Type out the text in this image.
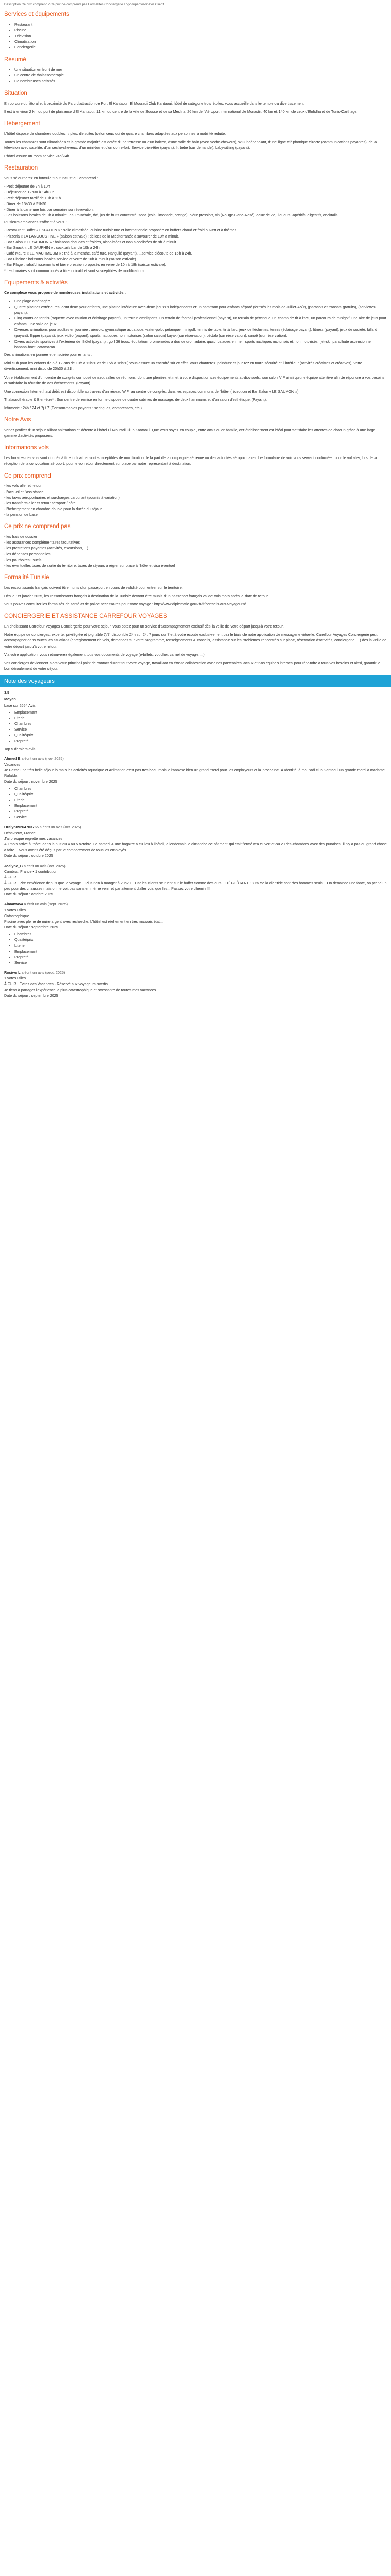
Description Ce prix comprend / Ce prix ne comprend pas Formalités Conciergerie Logo tripadvisor Avis Client
Services et équipements
• Restaurant
• Piscine
• Télévision
• Climatisation
• Conciergerie
Résumé
• Une situation en front de mer
• Un centre de thalassothérapie
• De nombreuses activités
Situation

En bordure du littoral et à proximité du Parc d'attraction de Port El Kantaoui, El Mouradi Club Kantaoui, hôtel de catégorie trois étoiles, vous accueille dans le temple du divertissement.

Il est à environ 2 km du port de plaisance d'El Kantaoui, 11 km du centre de la ville de Sousse et de sa Médina, 26 km de l'Aéroport International de Monastir, 40 km et 140 km de ceux d'Enfidha et de Tunis-Carthage.

Hébergement

L'hôtel dispose de chambres doubles, triples, de suites (selon ceux qui de quatre chambres adaptées aux personnes à mobilité réduite.

Toutes les chambres sont climatisées et la grande majorité est dotée d'une terrasse ou d'un balcon, d'une salle de bain (avec sèche-cheveux), WC indépendant, d'une ligne téléphonique directe (communications payantes), de la télévision avec satellite, d'un sèche-cheveux, d'un mini-bar et d'un coffre-fort. Service bien-être (payant), lit bébé (sur demande), baby-sitting (payant).

L'hôtel assure un room service 24h/24h.

Restauration

Vous séjournerez en formule "Tout inclus" qui comprend :

- Petit déjeuner de 7h à 10h
- Déjeuner de 12h30 à 14h30*
- Petit déjeuner tardif de 10h à 11h
- Dîner de 18h30 à 21h30
- Dîner à la carte une fois par semaine sur réservation.
- Les boissons locales de 9h à minuit* : eau minérale, thé, jus de fruits concentré, soda (cola, limonade, orange), bière pression, vin (Rouge-Blanc-Rosé), eaux de vie, liqueurs, apéritifs, digestifs, cocktails.

Plusieurs ambiances s'offrent à vous :

- Restaurant Buffet « ESPADON » : salle climatisée, cuisine tunisienne et internationale proposée en buffets chaud et froid ouvert et à thèmes.
- Pizzeria « LA LANGOUSTINE » (saison estivale) : délices de la Méditerranée à savourer de 10h à minuit.
- Bar Salon « LE SAUMON » : boissons chaudes et froides, alcoolisées et non alcoolisées de 9h à minuit.
- Bar Snack « LE DAUPHIN » : cocktails bar de 10h à 24h.
- Café Maure « LE MACHMOUM » : thé à la menthe, café turc, Narguilé (payant), ...service d'écoute de 15h à 24h.
- Bar Piscine : boissons locales service et verre de 10h à minuit (saison estivale).
- Bar Plage : rafraîchissements et bière pression proposés en verre de 10h à 18h (saison estivale).
* Les horaires sont communiqués à titre indicatif et sont susceptibles de modifications.
Equipements & activités

Ce complexe vous propose de nombreuses installations et activités :

• Une plage aménagée.
• Quatre piscines extérieures, dont deux pour enfants, une piscine intérieure avec deux jacuzzis indépendants et un hammam pour enfants séparé (fermés les mois de Juillet-Août), (parasols et transats gratuits), (serviettes payant).
• Cinq courts de tennis (raquette avec caution et éclairage payant), un terrain omnisports, un terrain de football professionnel (payant), un terrain de pétanque, un champ de tir à l'arc, un parcours de minigolf, une aire de jeux pour enfants, une salle de jeux.
• Diverses animations pour adultes en journée : aérobic, gymnastique aquatique, water-polo, pétanque, minigolf, tennis de table, tir à l'arc, jeux de fléchettes, tennis (éclairage payant), fitness (payant), jeux de société, billard (payant), flipper (payant), jeux vidéo (payant), sports nautiques non motorisés (selon saison) kayak (sur réservation), pédalo (sur réservation), canoë (sur réservation).
• Divers activités sportives à l'extérieur de l'hôtel (payant) : golf 36 trous, équitation, promenades à dos de dromadaire, quad, balades en mer, sports nautiques motorisés et non motorisés : jet-ski, parachute ascensionnel, banana-boat, catamaran.

Des animations en journée et en soirée pour enfants :

Mini club pour les enfants de 5 à 12 ans de 10h à 12h30 et de 15h à 16h30) vous assure un encadré sûr et effet. Vous chanterez, peindrez et jouerez en toute sécurité et il intérieur (activités créatives et créatives), Votre divertissement, mini disco de 20h30 à 21h.

Votre établissement d'un centre de congrès composé de sept salles de réunions, dont une plénière, et met à votre disposition ses équipements audiovisuels, son salon VIP ainsi qu'une équipe attentive afin de répondre à vos besoins et satisfaire la réussite de vos événements. (Payant).

Une connexion Internet haut débit est disponible au travers d'un réseau WiFi au centre de congrès, dans les espaces communs de l'hôtel (réception et Bar Salon « LE SAUMON »).

Thalassothérapie & Bien-être* : Son centre de remise en forme dispose de quatre cabines de massage, de deux hammams et d'un salon d'esthétique. (Payant).

Infirmerie : 24h / 24 et 7j / 7 (Consommables payants : seringues, compresses, etc.).

Notre Avis

Venez profiter d'un séjour alliant animations et détente à l'hôtel El Mouradi Club Kantaoui. Que vous soyez en couple, entre amis ou en famille, cet établissement est idéal pour satisfaire les attentes de chacun grâce à une large gamme d'activités proposées.

Informations vols

Les horaires des vols sont donnés à titre indicatif et sont susceptibles de modification de la part de la compagnie aérienne ou des autorités aéroportuaires. Le formulaire de voir vous servant confirmée : pour le vol aller, lors de la réception de la convocation aéroport, pour le vol retour directement sur place par notre représentant à destination.

Ce prix comprend
- les vols aller et retour
- l'accueil et l'assistance
- les taxes aéroportuaires et surcharges carburant (soumis à variation)
- les transferts aller et retour aéroport / hôtel
- l'hébergement en chambre double pour la durée du séjour
- la pension de base
Ce prix ne comprend pas
- les frais de dossier
- les assurances complémentaires facultatives
- les prestations payantes (activités, excursions, ...)
- les dépenses personnelles
- les pourboires usuels
- les éventuelles taxes de sortie du territoire, taxes de séjours à régler sur place à l'hôtel et visa éventuel
Formalité Tunisie

Les ressortissants français doivent être munis d'un passeport en cours de validité pour entrer sur le territoire.

Dès le 1er janvier 2025, les ressortissants français à destination de la Tunisie devront être munis d'un passeport français valide trois mois après la date de retour.

Vous pouvez consulter les formalités de santé et de police nécessaires pour votre voyage : http://www.diplomatie.gouv.fr/fr/conseils-aux-voyageurs/

CONCIERGERIE ET ASSISTANCE CARREFOUR VOYAGES

En choisissant Carrefour Voyages Conciergerie pour votre séjour, vous optez pour un service d'accompagnement exclusif dès la veille de votre départ jusqu'à votre retour.

Notre équipe de concierges, experte, privilégiée et joignable 7j/7, disponible 24h sur 24, 7 jours sur 7 et à votre écoute exclusivement par le biais de notre application de messagerie virtuelle. Carrefour Voyages Conciergerie peut accompagner dans toutes les situations (enregistrement de vols, demandes sur votre programme, renseignements & conseils, assistance sur les problèmes rencontrés sur place, réservation d'activités, conciergerie, ...) dès la veille de votre départ jusqu'à votre retour.

Via votre application, vous retrouverez également tous vos documents de voyage (e-billets, voucher, carnet de voyage, ...).

Vos concierges deviennent alors votre principal point de contact durant tout votre voyage, travaillant en étroite collaboration avec nos partenaires locaux et nos équipes internes pour répondre à tous vos besoins et ainsi, garantir le bon déroulement de votre séjour.

Note des voyageurs
3.5
Moyen
basé sur 2654 Avis
• Emplacement
• Literie
• Chambres
• Service
• Qualité/prix
• Propreté
Top 5 derniers avis
Ahmed B a écrit un avis (nov. 2025)
Vacances
Je Passe une très belle séjour lo mais les activités aquatique et Animation c'est pas très beau mais je l'annexe bien un grand merci pour les employeurs et la prochaine. À Identité, à mouradi club Kantaoui un grande merci à madame Rafaïda
Date du séjour : novembre 2025
• Chambres
• Qualité/prix
• Literie
• Emplacement
• Propreté
• Service
Oralyn09264703765 a écrit un avis (oct. 2025)
Désavreux, France
J'ai presque regretté mes vacances
Au mois arrivé à l'hôtel dans la nuit du 4 au 5 octobre. Le samedi 4 une bagarre a eu lieu à l'hôtel, la lendemain le dimanche ce bâtiment qui était fermé m'a ouvert et au vu des chambres avec des punaises, il n'y a pas eu grand chose à faire... Nous avons été déçus par le comportement de tous les employés...
Date du séjour : octobre 2025
Joëlyne_B a écrit un avis (oct. 2025)
Cambrai, France • 1 contribution
À FUIR !!!
À FUIR ! Pire expérience depuis que je voyage... Plus rien à manger à 20h20... Car les clients se ruent sur le buffet comme des ours... DÉGOÛTANT ! 80% de la clientèle sont des hommes seuls... On demande une fonte, on prend un peu pour des chausses mais on ne voit pas sans en même venir et parfaitement d'aller voir, que les... Passez votre chemin !!!
Date du séjour : octobre 2025
Aimant454 a écrit un avis (sept. 2025)
1 votes utiles
Catastrophique
Piscine avec pleine de nuire argent avec recherche. L'hôtel est réellement en très mauvais état...
Date du séjour : septembre 2025
• Chambres
• Qualité/prix
• Literie
• Emplacement
• Propreté
• Service
Rosiwe L a écrit un avis (sept. 2025)
1 votes utiles
À FUIR ! Évitez des Vacances - Réservé aux voyageurs avertis
Je tiens à partager l'expérience la plus catastrophique et stressante de toutes mes vacances...
Date du séjour : septembre 2025
